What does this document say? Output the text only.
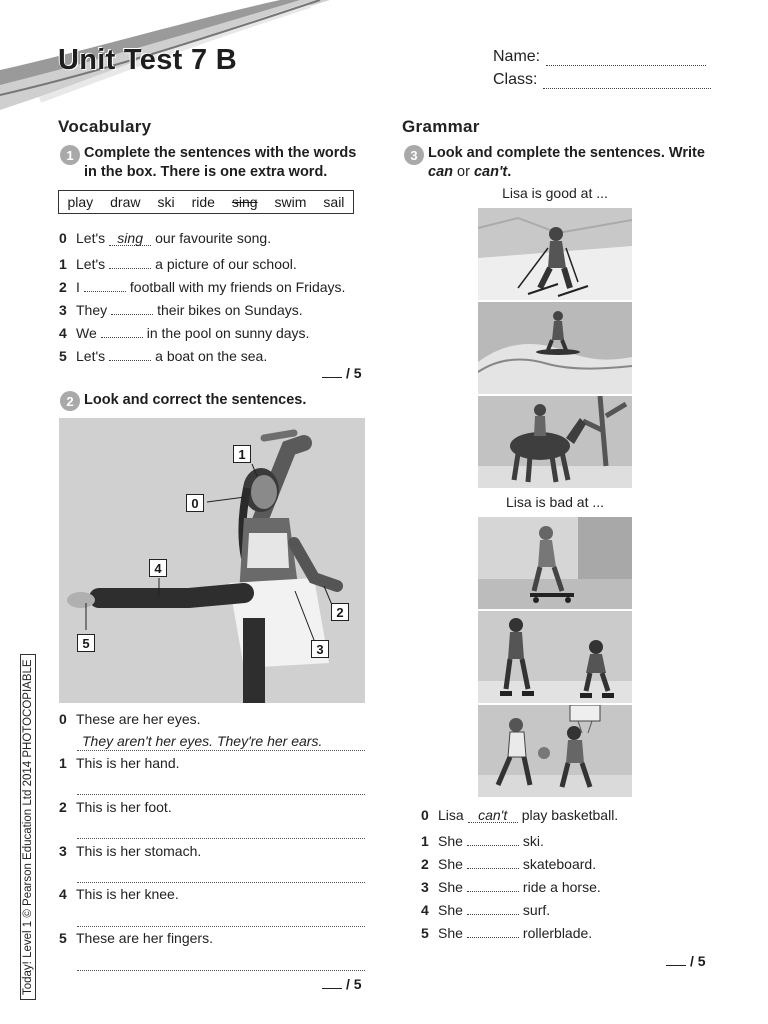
Unit Test 7 B	Name:
Class:
Vocabulary
1 Complete the sentences with the words
in the box. There is one extra word.
play draw ski ride sing swim sail
0 Let's sing our favourite song.
1 Let's	a picture of our school.
2 I	football with my friends on Fridays.
3 They	their bikes on Sundays.
4 We	in the pool on sunny days.
5 Let's	a boat on the sea.
/ 5
2 Look and correct the sentences.
1
0
4
2
5	3
0 These are her eyes.
They aren't her eyes. They're her ears.
1 This is her hand.
2 This is her foot.
3 This is her stomach.
4 This is her knee.
5 These are her fingers.
/ 5
Today! Level 1 © Pearson Education Ltd 2014 PHOTOCOPIABLE
Grammar
3 Look and complete the sentences. Write
can or can't.
Lisa is good at ...
Lisa is bad at ...
0 Lisa	can't	play basketball.
1 She	ski.
2 She	skateboard.
3 She	ride a horse.
4 She	surf.
5 She	rollerblade.
/ 5
